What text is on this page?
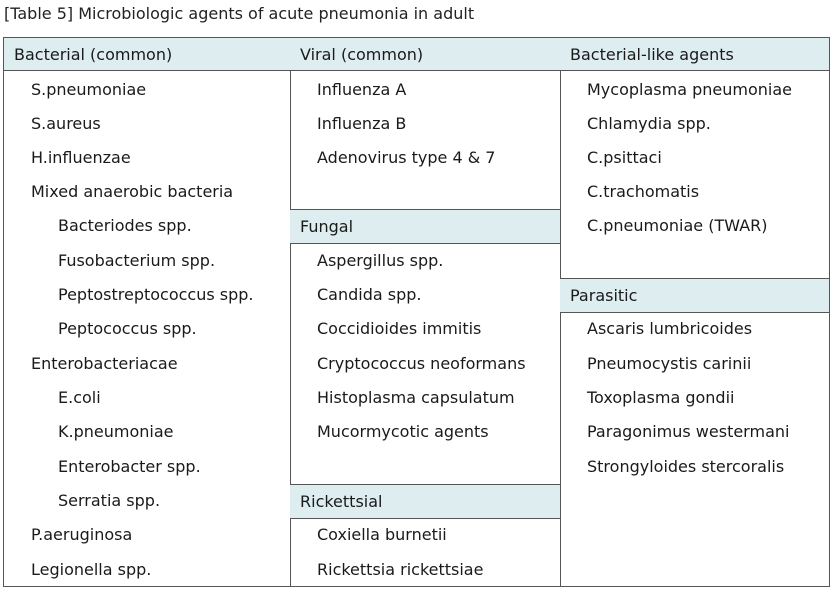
[Table 5] Microbiologic agents of acute pneumonia in adult
Bacterial (common)
S.pneumoniae
S.aureus
H.influenzae
Mixed anaerobic bacteria
Bacteriodes spp.
Fusobacterium spp.
Peptostreptococcus spp.
Peptococcus spp.
Enterobacteriacae
E.coli
K.pneumoniae
Enterobacter spp.
Serratia spp.
P.aeruginosa
Legionella spp.
Viral (common)
Influenza A
Influenza B
Adenovirus type 4 & 7
Fungal
Aspergillus spp.
Candida spp.
Coccidioides immitis
Cryptococcus neoformans
Histoplasma capsulatum
Mucormycotic agents
Rickettsial
Coxiella burnetii
Rickettsia rickettsiae
Bacterial-like agents
Mycoplasma pneumoniae
Chlamydia spp.
C.psittaci
C.trachomatis
C.pneumoniae (TWAR)
Parasitic
Ascaris lumbricoides
Pneumocystis carinii
Toxoplasma gondii
Paragonimus westermani
Strongyloides stercoralis
